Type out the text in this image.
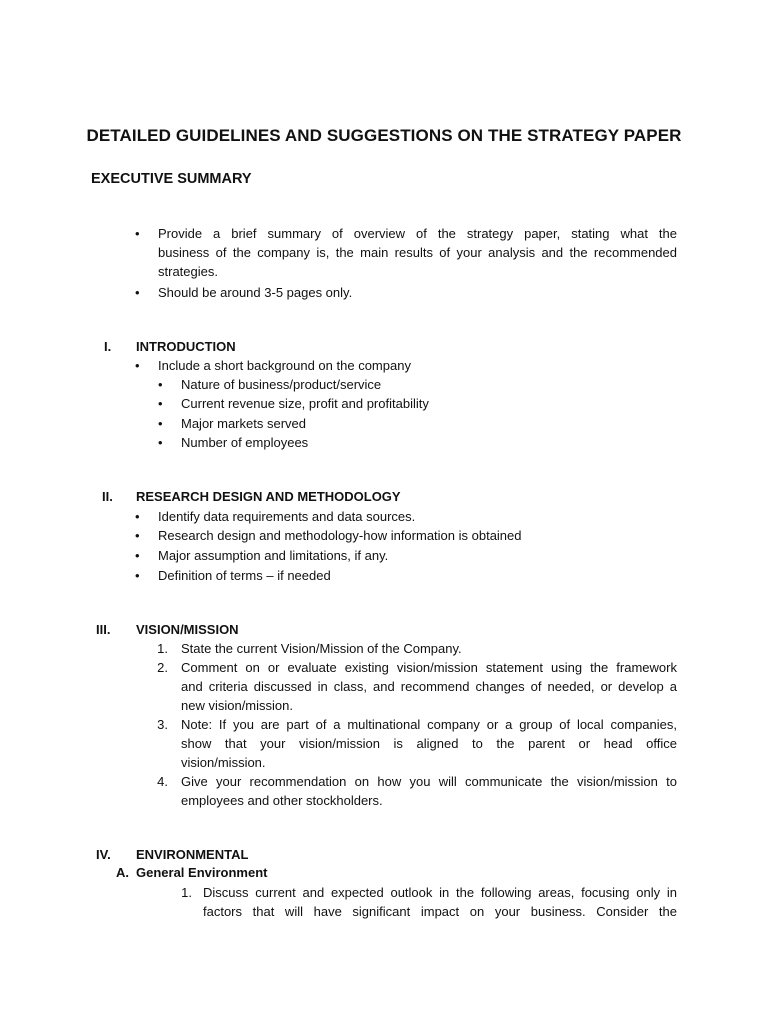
DETAILED GUIDELINES AND SUGGESTIONS ON THE STRATEGY PAPER
EXECUTIVE SUMMARY
•	Provide a brief summary of overview of the strategy paper, stating what the
business of the company is, the main results of your analysis and the recommended
strategies.
•	Should be around 3-5 pages only.
I. INTRODUCTION
•	Include a short background on the company
•	Nature of business/product/service
•	Current revenue size, profit and profitability
•	Major markets served
•	Number of employees
II. RESEARCH DESIGN AND METHODOLOGY
•	Identify data requirements and data sources.
•	Research design and methodology-how information is obtained
•	Major assumption and limitations, if any.
•	Definition of terms – if needed
III. VISION/MISSION
1. State the current Vision/Mission of the Company.
2. Comment on or evaluate existing vision/mission statement using the framework
and criteria discussed in class, and recommend changes of needed, or develop a
new vision/mission.
3. Note: If you are part of a multinational company or a group of local companies,
show that your vision/mission is aligned to the parent or head office
vision/mission.
4. Give your recommendation on how you will communicate the vision/mission to
employees and other stockholders.
IV. ENVIRONMENTAL
A. General Environment
1. Discuss current and expected outlook in the following areas, focusing only in
factors that will have significant impact on your business. Consider the
